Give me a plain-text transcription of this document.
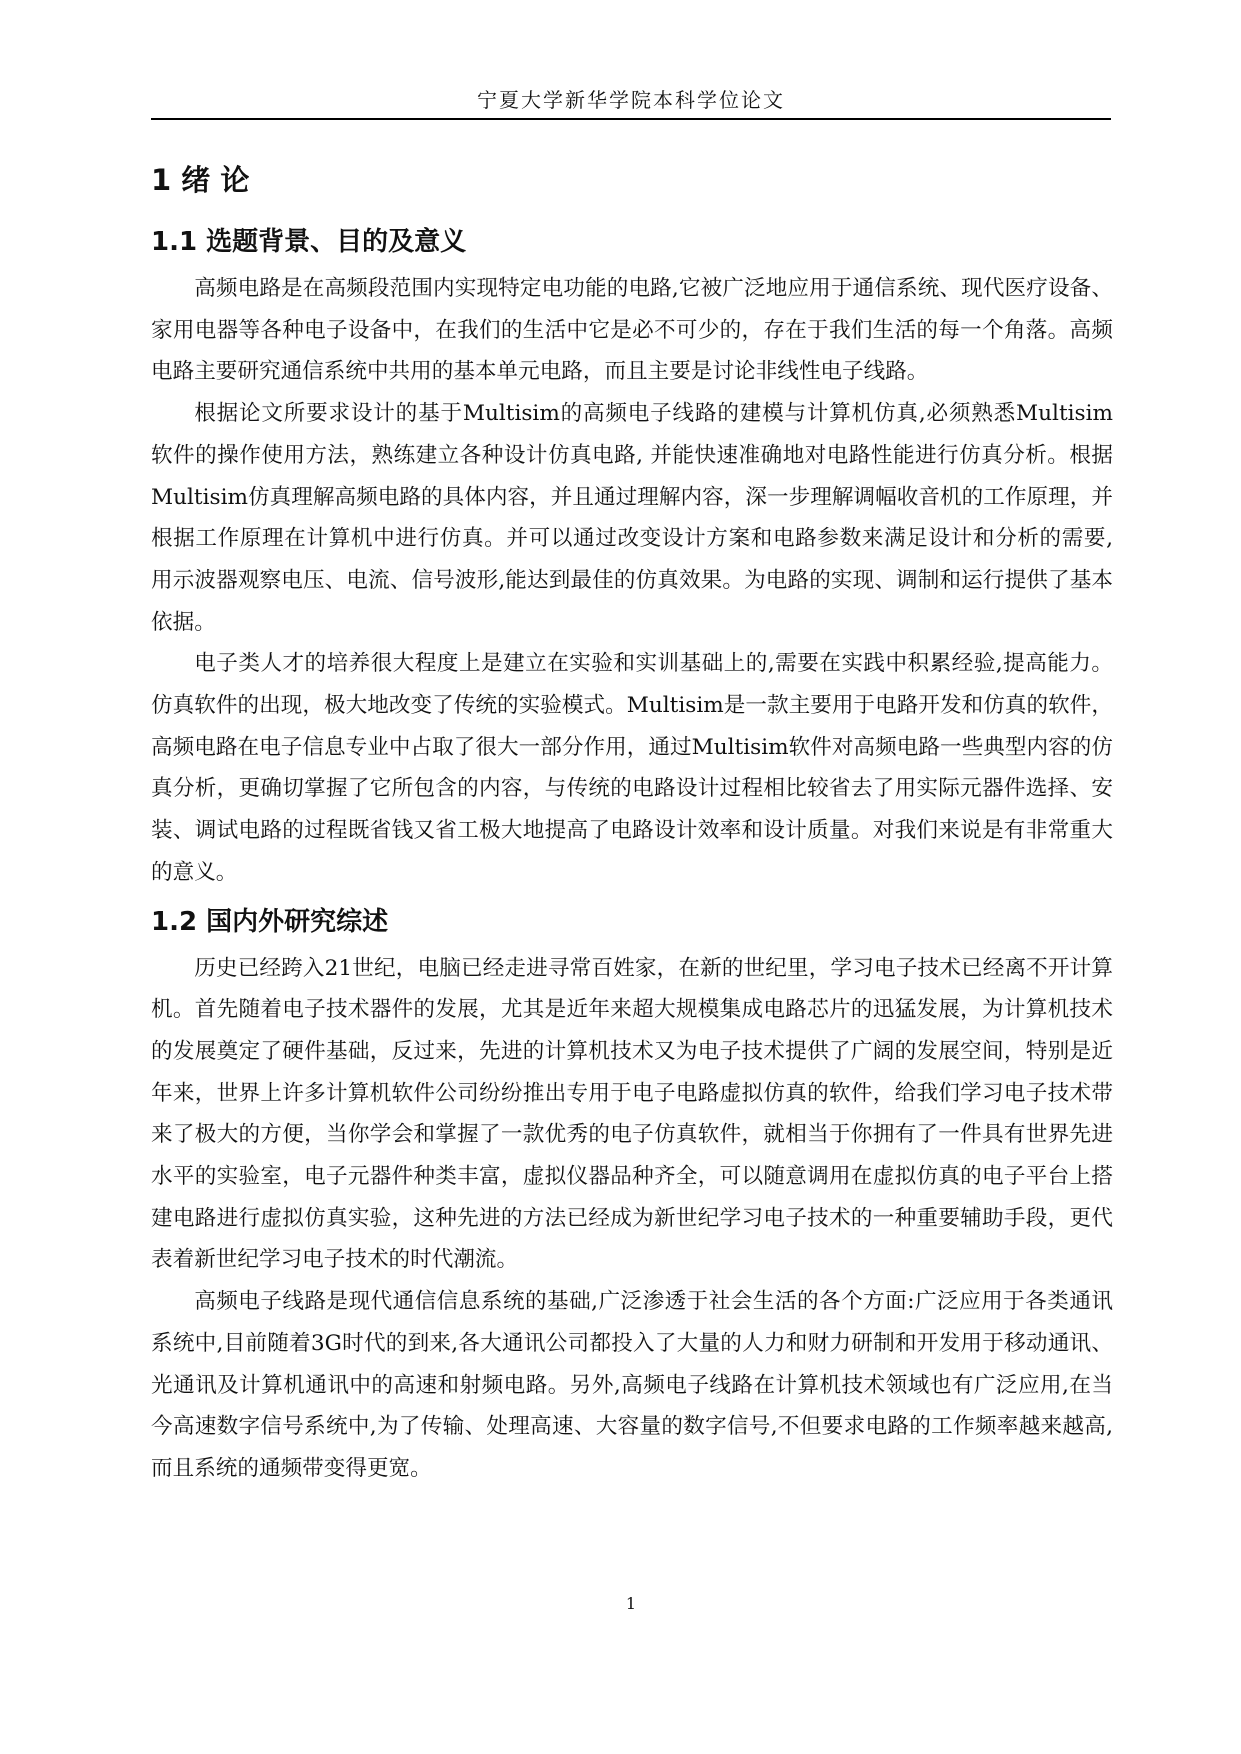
宁夏大学新华学院本科学位论文
1 绪 论
1.1 选题背景、目的及意义

高频电路是在高频段范围内实现特定电功能的电路,它被广泛地应用于通信系统、现代医疗设备、家用电器等各种电子设备中，在我们的生活中它是必不可少的，存在于我们生活的每一个角落。高频电路主要研究通信系统中共用的基本单元电路，而且主要是讨论非线性电子线路。

根据论文所要求设计的基于Multisim的高频电子线路的建模与计算机仿真,必须熟悉Multisim 软件的操作使用方法，熟练建立各种设计仿真电路, 并能快速准确地对电路性能进行仿真分析。根据Multisim仿真理解高频电路的具体内容，并且通过理解内容，深一步理解调幅收音机的工作原理，并根据工作原理在计算机中进行仿真。并可以通过改变设计方案和电路参数来满足设计和分析的需要, 用示波器观察电压、电流、信号波形,能达到最佳的仿真效果。为电路的实现、调制和运行提供了基本依据。

电子类人才的培养很大程度上是建立在实验和实训基础上的,需要在实践中积累经验,提高能力。仿真软件的出现，极大地改变了传统的实验模式。Multisim是一款主要用于电路开发和仿真的软件，高频电路在电子信息专业中占取了很大一部分作用，通过Multisim软件对高频电路一些典型内容的仿真分析，更确切掌握了它所包含的内容，与传统的电路设计过程相比较省去了用实际元器件选择、安装、调试电路的过程既省钱又省工极大地提高了电路设计效率和设计质量。对我们来说是有非常重大的意义。

1.2 国内外研究综述

历史已经跨入21世纪，电脑已经走进寻常百姓家，在新的世纪里，学习电子技术已经离不开计算机。首先随着电子技术器件的发展，尤其是近年来超大规模集成电路芯片的迅猛发展，为计算机技术的发展奠定了硬件基础，反过来，先进的计算机技术又为电子技术提供了广阔的发展空间，特别是近年来，世界上许多计算机软件公司纷纷推出专用于电子电路虚拟仿真的软件，给我们学习电子技术带来了极大的方便，当你学会和掌握了一款优秀的电子仿真软件，就相当于你拥有了一件具有世界先进水平的实验室，电子元器件种类丰富，虚拟仪器品种齐全，可以随意调用在虚拟仿真的电子平台上搭建电路进行虚拟仿真实验，这种先进的方法已经成为新世纪学习电子技术的一种重要辅助手段，更代表着新世纪学习电子技术的时代潮流。

高频电子线路是现代通信信息系统的基础,广泛渗透于社会生活的各个方面:广泛应用于各类通讯系统中,目前随着3G时代的到来,各大通讯公司都投入了大量的人力和财力研制和开发用于移动通讯、光通讯及计算机通讯中的高速和射频电路。另外,高频电子线路在计算机技术领域也有广泛应用,在当今高速数字信号系统中,为了传输、处理高速、大容量的数字信号,不但要求电路的工作频率越来越高,而且系统的通频带变得更宽。

1
